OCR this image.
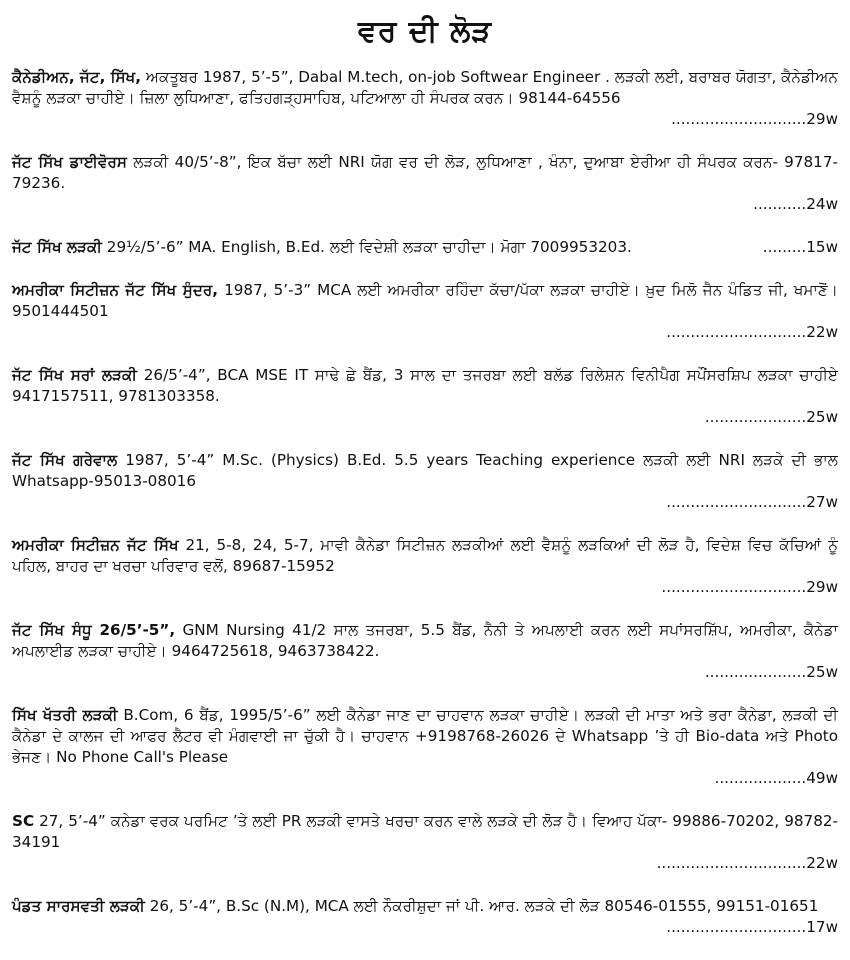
ਵਰ ਦੀ ਲੋੜ
ਕੈਨੇਡੀਅਨ, ਜੱਟ, ਸਿੱਖ, ਅਕਤੂਬਰ 1987, 5’-5”, Dabal M.tech, on-job Softwear Engineer . ਲੜਕੀ ਲਈ, ਬਰਾਬਰ ਯੋਗਤਾ, ਕੈਨੇਡੀਅਨ ਵੈਸ਼ਨੂੰ ਲੜਕਾ ਚਾਹੀਏ। ਜ਼ਿਲਾ ਲੁਧਿਆਣਾ, ਫਤਿਹਗੜ੍ਹਸਾਹਿਬ, ਪਟਿਆਲਾ ਹੀ ਸੰਪਰਕ ਕਰਨ। 98144-64556
............................29w
ਜੱਟ ਸਿੱਖ ਡਾਈਵੋਰਸ ਲੜਕੀ 40/5’-8”, ਇਕ ਬੱਚਾ ਲਈ NRI ਯੋਗ ਵਰ ਦੀ ਲੋੜ, ਲੁਧਿਆਣਾ , ਖੰਨਾ, ਦੁਆਬਾ ਏਰੀਆ ਹੀ ਸੰਪਰਕ ਕਰਨ- 97817-79236.
...........24w
ਜੱਟ ਸਿੱਖ ਲੜਕੀ 29½/5’-6” MA. English, B.Ed. ਲਈ ਵਿਦੇਸ਼ੀ ਲੜਕਾ ਚਾਹੀਦਾ। ਮੋਗਾ 7009953203.	.........15w
ਅਮਰੀਕਾ ਸਿਟੀਜ਼ਨ ਜੱਟ ਸਿੱਖ ਸੁੰਦਰ, 1987, 5’-3” MCA ਲਈ ਅਮਰੀਕਾ ਰਹਿੰਦਾ ਕੱਚਾ/ਪੱਕਾ ਲੜਕਾ ਚਾਹੀਏ। ਖ਼ੁਦ ਮਿਲੋ ਜੈਨ ਪੰਡਿਤ ਜੀ, ਖਮਾਣੋਂ। 9501444501
.............................22w
ਜੱਟ ਸਿੱਖ ਸਰਾਂ ਲੜਕੀ 26/5’-4”, BCA MSE IT ਸਾਢੇ ਛੇ ਬੈਂਡ, 3 ਸਾਲ ਦਾ ਤਜਰਬਾ ਲਈ ਬਲੱਡ ਰਿਲੇਸ਼ਨ ਵਿਨੀਪੈਗ ਸਪੌਂਸਰਸ਼ਿਪ ਲੜਕਾ ਚਾਹੀਏ 9417157511, 9781303358.
.....................25w
ਜੱਟ ਸਿੱਖ ਗਰੇਵਾਲ 1987, 5’-4” M.Sc. (Physics) B.Ed. 5.5 years Teaching experience ਲੜਕੀ ਲਈ NRI ਲੜਕੇ ਦੀ ਭਾਲ Whatsapp-95013-08016
.............................27w
ਅਮਰੀਕਾ ਸਿਟੀਜ਼ਨ ਜੱਟ ਸਿੱਖ 21, 5-8, 24, 5-7, ਮਾਵੀ ਕੈਨੇਡਾ ਸਿਟੀਜ਼ਨ ਲੜਕੀਆਂ ਲਈ ਵੈਸ਼ਨੂੰ ਲੜਕਿਆਂ ਦੀ ਲੋੜ ਹੈ, ਵਿਦੇਸ਼ ਵਿਚ ਕੱਚਿਆਂ ਨੂੰ ਪਹਿਲ, ਬਾਹਰ ਦਾ ਖਰਚਾ ਪਰਿਵਾਰ ਵਲੋਂ, 89687-15952
..............................29w
ਜੱਟ ਸਿੱਖ ਸੰਧੂ 26/5’-5”, GNM Nursing 41/2 ਸਾਲ ਤਜਰਬਾ, 5.5 ਬੈਂਡ, ਨੈਨੀ ਤੇ ਅਪਲਾਈ ਕਰਨ ਲਈ ਸਪਾਂਸਰਸ਼ਿੱਪ, ਅਮਰੀਕਾ, ਕੈਨੇਡਾ ਅਪਲਾਈਡ ਲੜਕਾ ਚਾਹੀਏ। 9464725618, 9463738422.
.....................25w
ਸਿੱਖ ਖੱਤਰੀ ਲੜਕੀ B.Com, 6 ਬੈਂਡ, 1995/5’-6” ਲਈ ਕੈਨੇਡਾ ਜਾਣ ਦਾ ਚਾਹਵਾਨ ਲੜਕਾ ਚਾਹੀਏ। ਲੜਕੀ ਦੀ ਮਾਤਾ ਅਤੇ ਭਰਾ ਕੈਨੇਡਾ, ਲੜਕੀ ਦੀ ਕੈਨੇਡਾ ਦੇ ਕਾਲਜ ਦੀ ਆਫਰ ਲੈਟਰ ਵੀ ਮੰਗਵਾਈ ਜਾ ਚੁੱਕੀ ਹੈ। ਚਾਹਵਾਨ +9198768-26026 ਦੇ Whatsapp ’ਤੇ ਹੀ Bio-data ਅਤੇ Photo ਭੇਜਣ। No Phone Call's Please
...................49w
SC 27, 5’-4” ਕਨੇਡਾ ਵਰਕ ਪਰਮਿਟ ’ਤੇ ਲਈ PR ਲੜਕੀ ਵਾਸਤੇ ਖਰਚਾ ਕਰਨ ਵਾਲੇ ਲੜਕੇ ਦੀ ਲੋੜ ਹੈ। ਵਿਆਹ ਪੱਕਾ- 99886-70202, 98782-34191
...............................22w
ਪੰਡਤ ਸਾਰਸਵਤੀ ਲੜਕੀ 26, 5’-4”, B.Sc (N.M), MCA ਲਈ ਨੌਕਰੀਸ਼ੁਦਾ ਜਾਂ ਪੀ. ਆਰ. ਲੜਕੇ ਦੀ ਲੋੜ 80546-01555, 99151-01651
.............................17w
